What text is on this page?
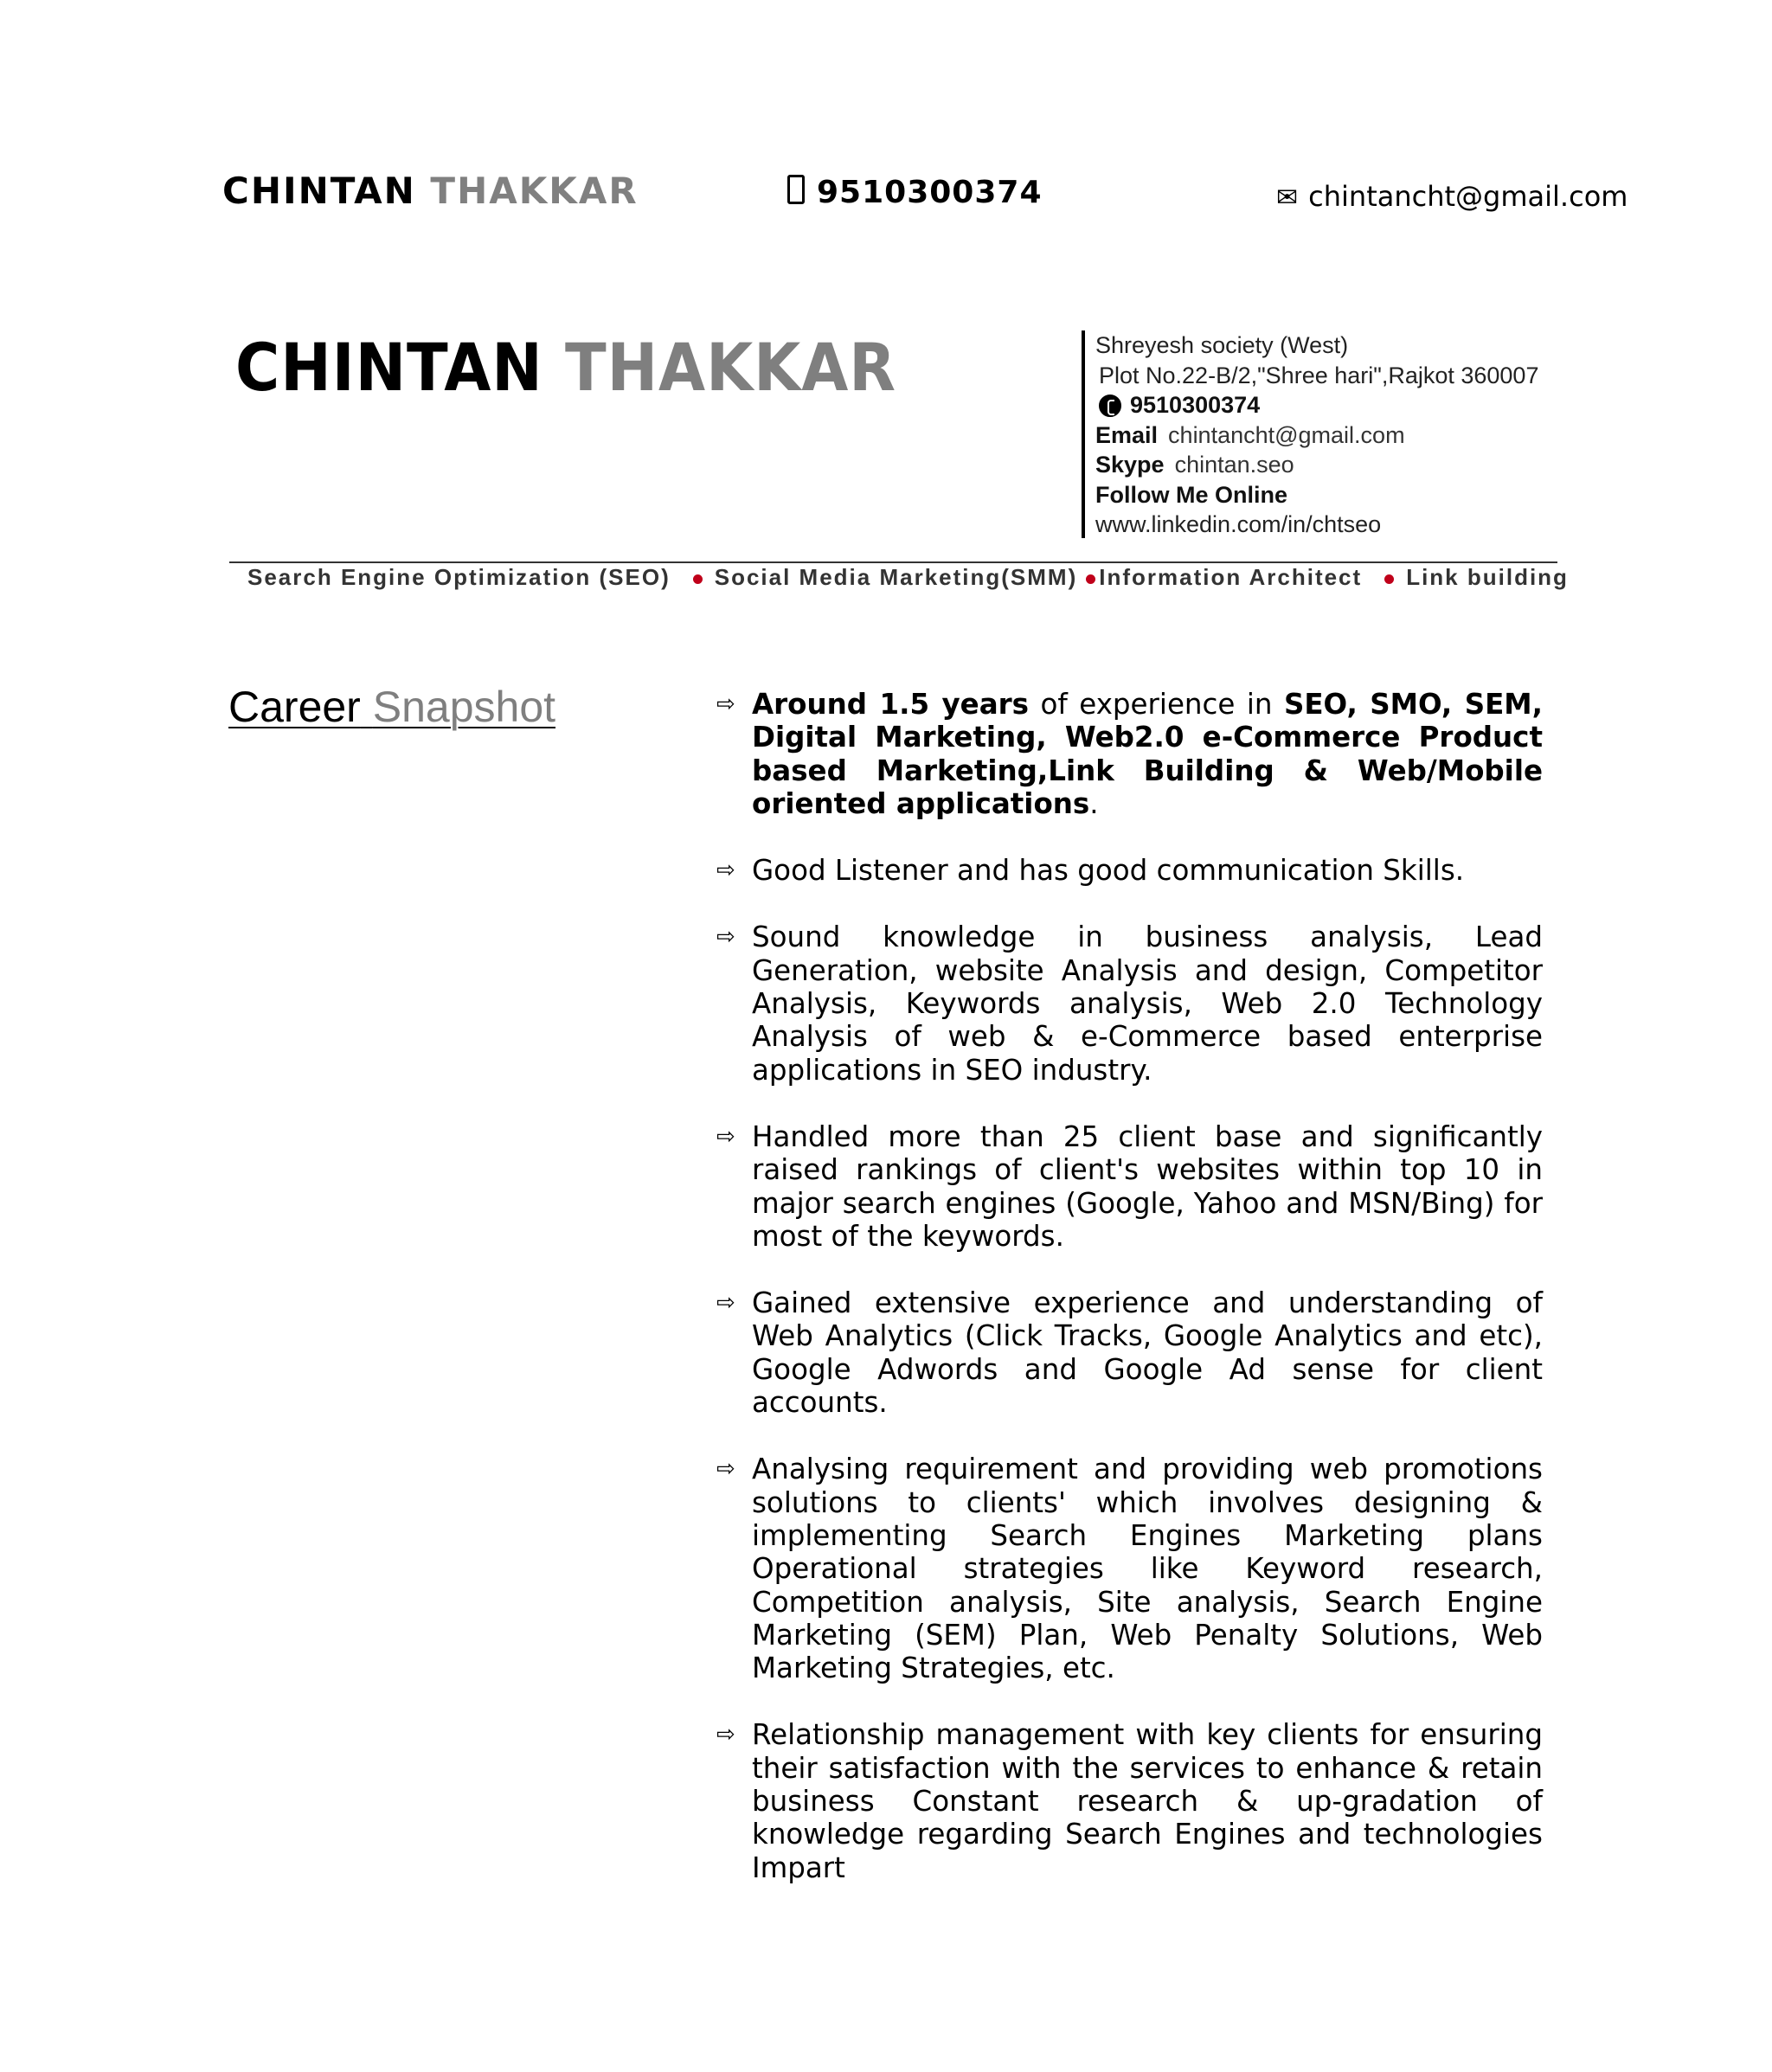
CHINTAN THAKKAR	9510300374	✉ chintancht@gmail.com
CHINTAN THAKKAR	Shreyesh society (West)
Plot No.22-B/2,"Shree hari",Rajkot 360007
9510300374
Email chintancht@gmail.com
Skype chintan.seo
Follow Me Online
www.linkedin.com/in/chtseo
Search Engine Optimization (SEO) Social Media Marketing(SMM) Information Architect Link building
Career Snapshot	⇨ Around 1.5 years of experience in SEO, SMO, SEM, Digital Marketing, Web2.0 e-Commerce Product based Marketing,Link Building & Web/Mobile oriented applications.
⇨ Good Listener and has good communication Skills.
⇨ Sound knowledge in business analysis, Lead Generation, website Analysis and design, Competitor Analysis, Keywords analysis, Web 2.0 Technology Analysis of web & e-Commerce based enterprise applications in SEO industry.
⇨ Handled more than 25 client base and significantly raised rankings of client's websites within top 10 in major search engines (Google, Yahoo and MSN/Bing) for most of the keywords.
⇨ Gained extensive experience and understanding of Web Analytics (Click Tracks, Google Analytics and etc), Google Adwords and Google Ad sense for client accounts.
⇨ Analysing requirement and providing web promotions solutions to clients' which involves designing & implementing Search Engines Marketing plans Operational strategies like Keyword research, Competition analysis, Site analysis, Search Engine Marketing (SEM) Plan, Web Penalty Solutions, Web Marketing Strategies, etc.
⇨ Relationship management with key clients for ensuring their satisfaction with the services to enhance & retain business Constant research & up-gradation of knowledge regarding Search Engines and technologies Impart
